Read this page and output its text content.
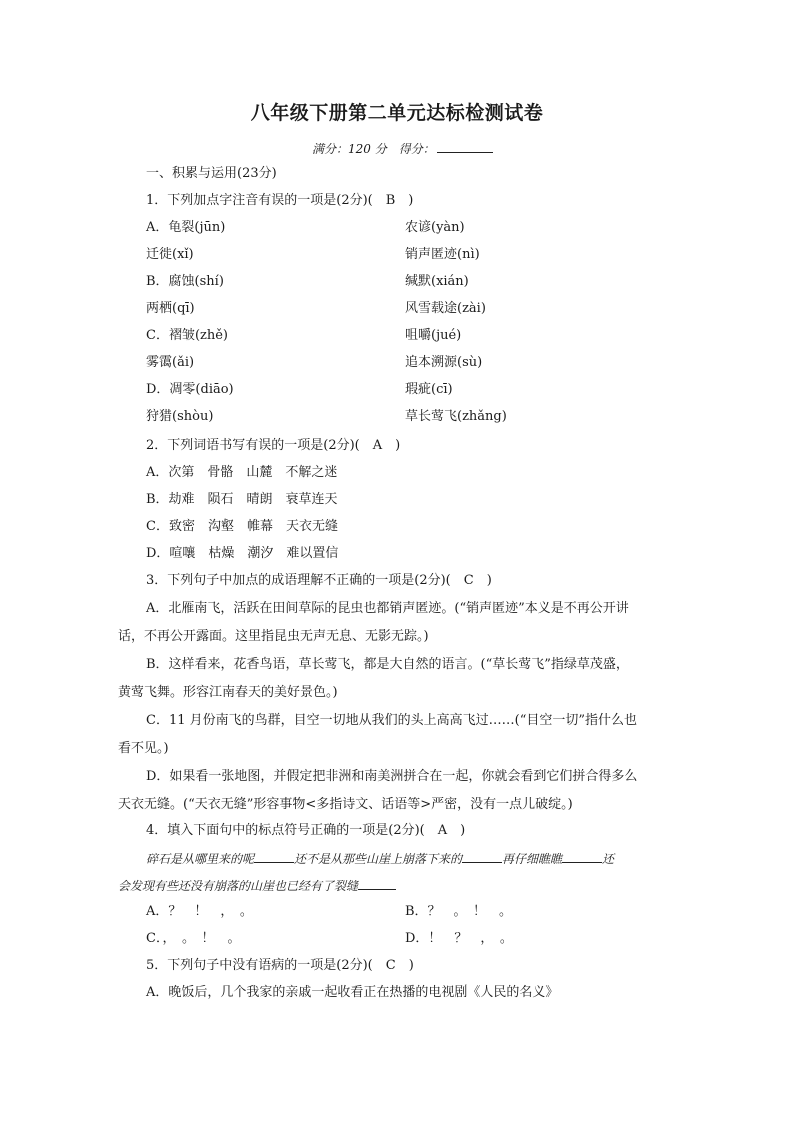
八年级下册第二单元达标检测试卷
满分：120 分　得分：
一、积累与运用(23分)
1．下列加点字注音有误的一项是(2分)(　B　)
A．龟裂(jūn)	农谚(yàn)
迁徙(xǐ)	销声匿迹(nì)
B．腐蚀(shí)	缄默(xián)
两栖(qī)	风雪载途(zài)
C．褶皱(zhě)	咀嚼(jué)
雾霭(ǎi)	追本溯源(sù)
D．凋零(diāo)	瑕疵(cī)
狩猎(shòu)	草长莺飞(zhǎng)
2．下列词语书写有误的一项是(2分)(　A　)
A．次第　骨骼　山麓　不解之迷
B．劫难　陨石　晴朗　衰草连天
C．致密　沟壑　帷幕　天衣无缝
D．喧嚷　枯燥　潮汐　难以置信
3．下列句子中加点的成语理解不正确的一项是(2分)(　C　)
A．北雁南飞，活跃在田间草际的昆虫也都销声匿迹。(“销声匿迹”本义是不再公开讲
话，不再公开露面。这里指昆虫无声无息、无影无踪。)
B．这样看来，花香鸟语，草长莺飞，都是大自然的语言。(“草长莺飞”指绿草茂盛，
黄莺飞舞。形容江南春天的美好景色。)
C．11 月份南飞的鸟群，目空一切地从我们的头上高高飞过……(“目空一切”指什么也
看不见。)
D．如果看一张地图，并假定把非洲和南美洲拼合在一起，你就会看到它们拼合得多么
天衣无缝。(“天衣无缝”形容事物<多指诗文、话语等>严密，没有一点儿破绽。)
4．填入下面句中的标点符号正确的一项是(2分)(　A　)
碎石是从哪里来的呢	还不是从那些山崖上崩落下来的	再仔细瞧瞧	还
会发现有些还没有崩落的山崖也已经有了裂缝
A．？　！　，　。	B．？　。　！　。
C．，　。　！　。	D．！　？　，　。
5．下列句子中没有语病的一项是(2分)(　C　)
A．晚饭后，几个我家的亲戚一起收看正在热播的电视剧《人民的名义》
